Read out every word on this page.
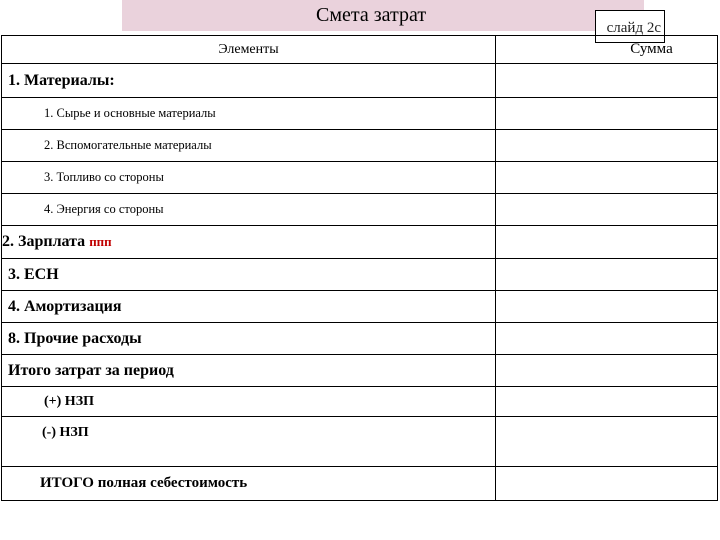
Смета затрат
слайд 2с
Элементы	Сумма
1. Материалы:	
1. Сырье и основные материалы	
2. Вспомогательные материалы	
3. Топливо со стороны	
4. Энергия со стороны	
2. Зарплата ппп	
3. ЕСН	
4. Амортизация	
8. Прочие расходы	
Итого затрат за период	
(+) НЗП	
(-) НЗП	
ИТОГО полная себестоимость	
